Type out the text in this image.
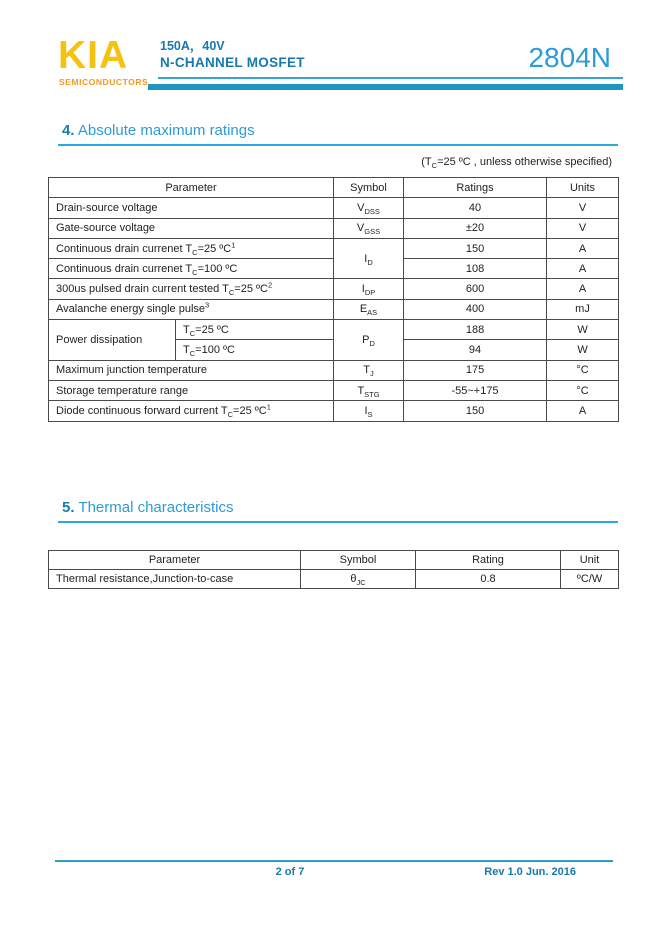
KIA
SEMICONDUCTORS
150A，40V
N-CHANNEL MOSFET	2804N
4. Absolute maximum ratings
($T_C=25$ ºC , unless otherwise specified)
Parameter		Symbol	Ratings	Units
Drain-source voltage		$V_{DSS}$	40	V
Gate-source voltage		$V_{GSS}$	±20	V
Continuous drain currenet $T_C=25$ ºC$^1$		$I_D$	150	A
Continuous drain currenet $T_C=100$ ºC			108	A
300us pulsed drain current tested $T_C=25$ ºC$^2$		$I_{DP}$	600	A
Avalanche energy single pulse$^3$		$E_{AS}$	400	mJ
Power dissipation	$T_C=25$ ºC	$P_D$	188	W
	$T_C=100$ ºC		94	W
Maximum junction temperature		$T_J$	175	°C
Storage temperature range		$T_{STG}$	-55~+175	°C
Diode continuous forward current $T_C=25$ ºC$^1$		$I_S$	150	A
5. Thermal characteristics
Parameter	Symbol	Rating	Unit
Thermal resistance,Junction-to-case	$\theta_{JC}$	0.8	ºC/W
2 of 7	Rev 1.0 Jun. 2016
